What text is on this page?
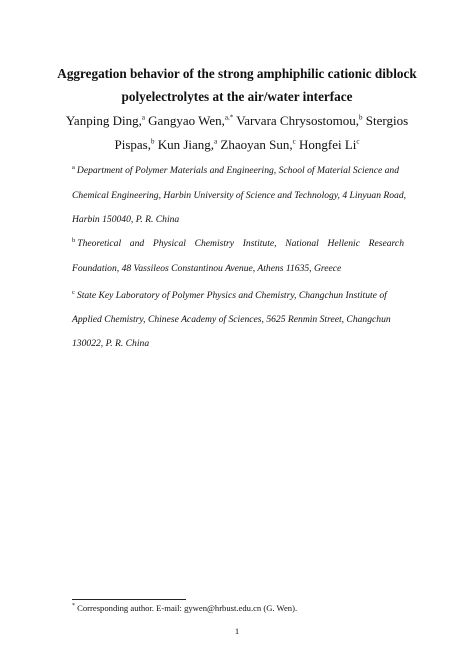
Aggregation behavior of the strong amphiphilic cationic diblock
polyelectrolytes at the air/water interface
Yanping Ding,$^a$ Gangyao Wen,$^{a,*}$ Varvara Chrysostomou,$^b$ Stergios
Pispas,$^b$ Kun Jiang,$^a$ Zhaoyan Sun,$^c$ Hongfei Li$^c$
$^a$ Department of Polymer Materials and Engineering, School of Material Science and
Chemical Engineering, Harbin University of Science and Technology, 4 Linyuan Road,
Harbin 150040, P. R. China
$^b$ Theoretical and Physical Chemistry Institute, National Hellenic Research
Foundation, 48 Vassileos Constantinou Avenue, Athens 11635, Greece
$^c$ State Key Laboratory of Polymer Physics and Chemistry, Changchun Institute of
Applied Chemistry, Chinese Academy of Sciences, 5625 Renmin Street, Changchun
130022, P. R. China
* Corresponding author. E-mail: gywen@hrbust.edu.cn (G. Wen).
1
